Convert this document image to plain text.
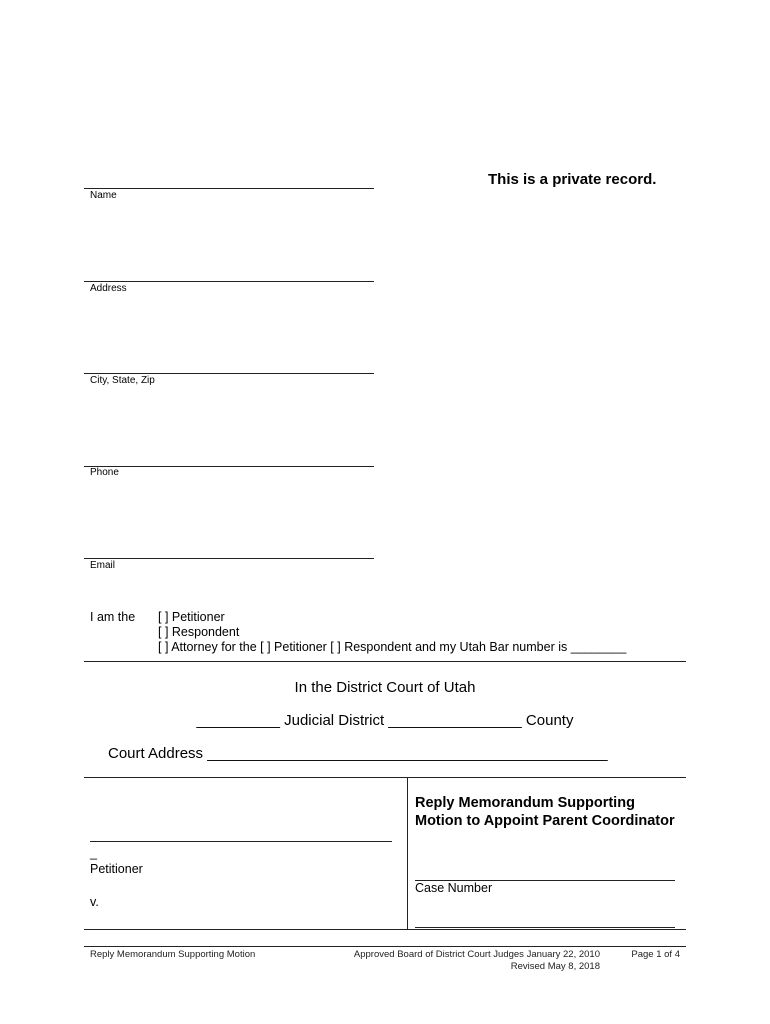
This is a private record.
Name
Address
City, State, Zip
Phone
Email
I am the [ ] Petitioner
[ ] Respondent
[ ] Attorney for the [ ] Petitioner [ ] Respondent and my Utah Bar number is ________
In the District Court of Utah
__________ Judicial District ________________ County
Court Address ________________________________________________
_
Petitioner
v.
Reply Memorandum Supporting Motion to Appoint Parent Coordinator
Case Number
Reply Memorandum Supporting Motion	Approved Board of District Court Judges January 22, 2010
Revised May 8, 2018
Page 1 of 4
